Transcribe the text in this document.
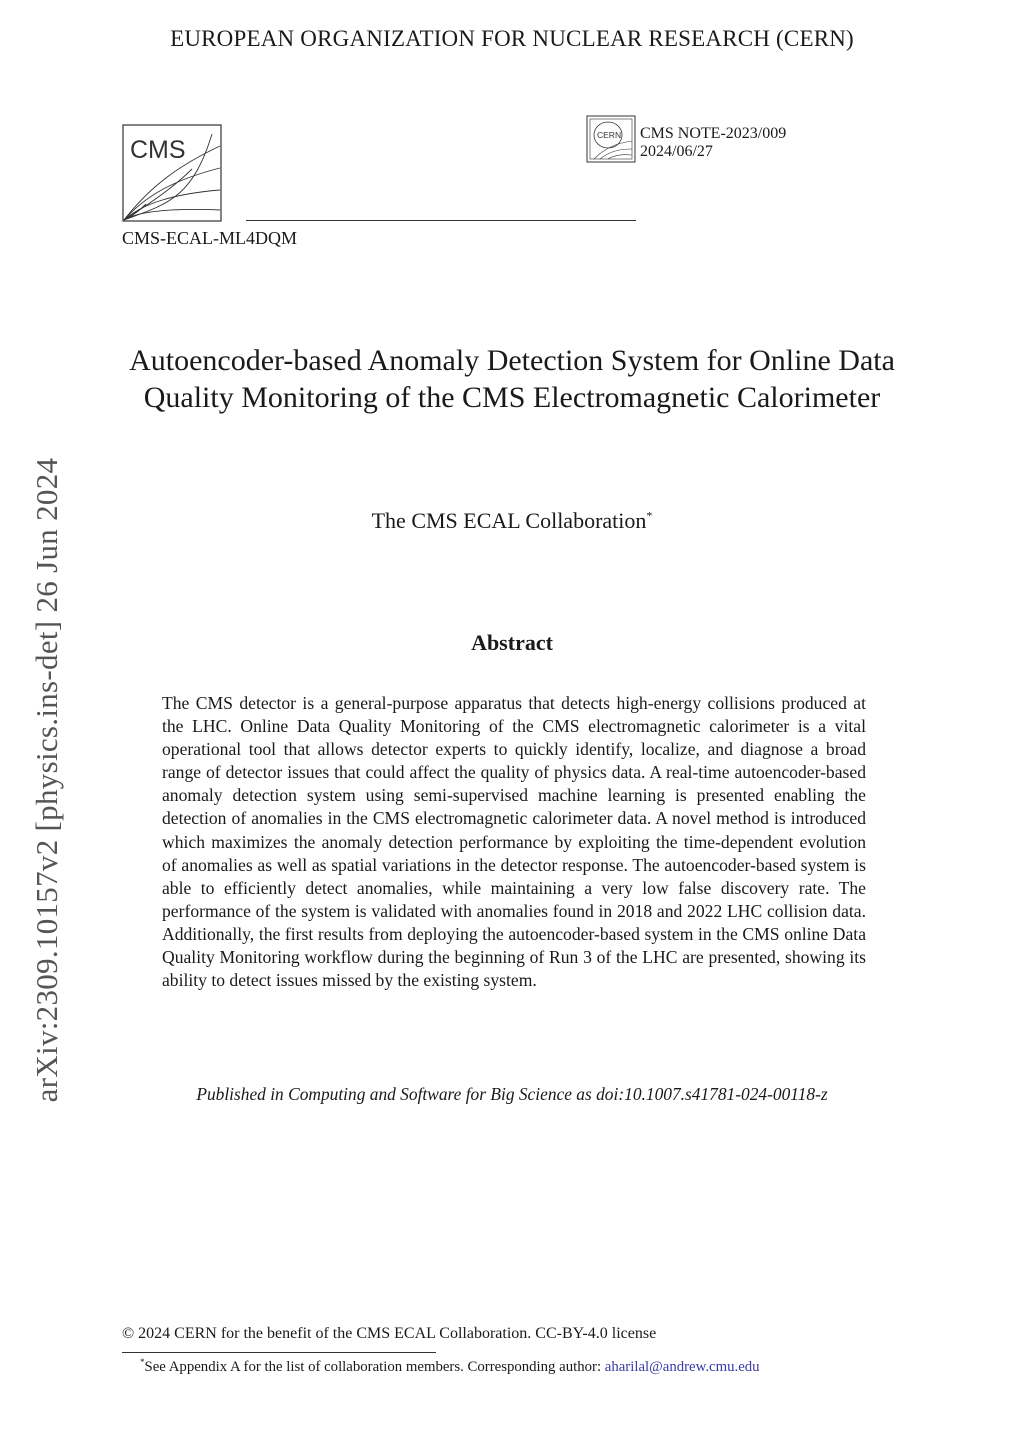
EUROPEAN ORGANIZATION FOR NUCLEAR RESEARCH (CERN)
CMS
CERN CMS NOTE-2023/009
2024/06/27
CMS-ECAL-ML4DQM
arXiv:2309.10157v2 [physics.ins-det] 26 Jun 2024
Autoencoder-based Anomaly Detection System for Online Data Quality Monitoring of the CMS Electromagnetic Calorimeter
The CMS ECAL Collaboration*
Abstract
The CMS detector is a general-purpose apparatus that detects high-energy collisions produced at the LHC. Online Data Quality Monitoring of the CMS electromagnetic calorimeter is a vital operational tool that allows detector experts to quickly identify, localize, and diagnose a broad range of detector issues that could affect the quality of physics data. A real-time autoencoder-based anomaly detection system using semi-supervised machine learning is presented enabling the detection of anomalies in the CMS electromagnetic calorimeter data. A novel method is introduced which maximizes the anomaly detection performance by exploiting the time-dependent evolution of anomalies as well as spatial variations in the detector response. The autoencoder-based system is able to efficiently detect anomalies, while maintaining a very low false discovery rate. The performance of the system is validated with anomalies found in 2018 and 2022 LHC collision data. Additionally, the first results from deploying the autoencoder-based system in the CMS online Data Quality Monitoring workflow during the beginning of Run 3 of the LHC are presented, showing its ability to detect issues missed by the existing system.
Published in Computing and Software for Big Science as doi:10.1007.s41781-024-00118-z
© 2024 CERN for the benefit of the CMS ECAL Collaboration. CC-BY-4.0 license
*See Appendix A for the list of collaboration members. Corresponding author: aharilal@andrew.cmu.edu
